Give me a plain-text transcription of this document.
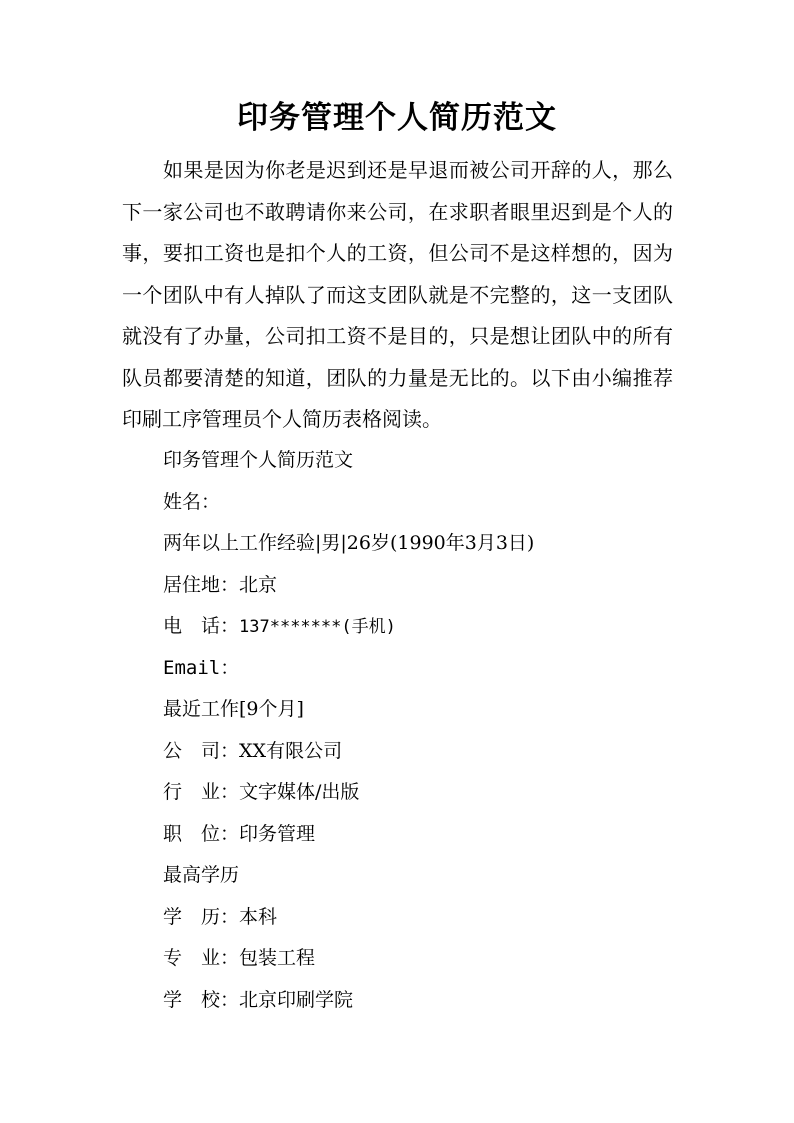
印务管理个人简历范文

如果是因为你老是迟到还是早退而被公司开辞的人，那么下一家公司也不敢聘请你来公司，在求职者眼里迟到是个人的事，要扣工资也是扣个人的工资，但公司不是这样想的，因为一个团队中有人掉队了而这支团队就是不完整的，这一支团队就没有了办量，公司扣工资不是目的，只是想让团队中的所有队员都要清楚的知道，团队的力量是无比的。以下由小编推荐印刷工序管理员个人简历表格阅读。

印务管理个人简历范文
姓名：
两年以上工作经验|男|26岁(1990年3月3日)
居住地：北京
电　话：137*******(手机)
Email：
最近工作[9个月]
公　司：XX有限公司
行　业：文字媒体/出版
职　位：印务管理
最高学历
学　历：本科
专　业：包装工程
学　校：北京印刷学院
